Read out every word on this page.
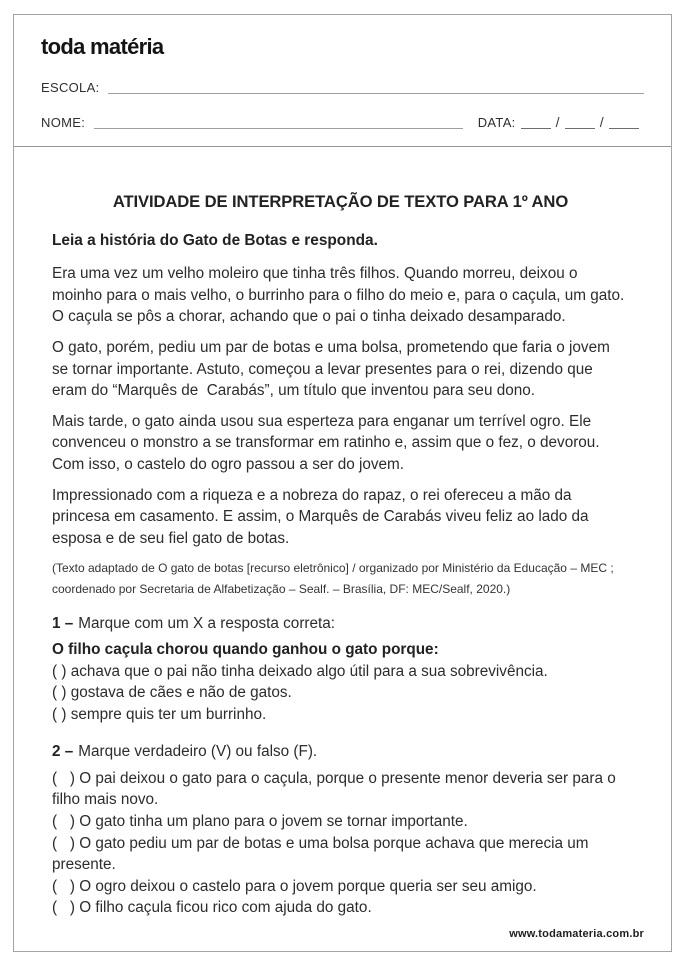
toda matéria
ESCOLA:
NOME:	DATA:	/	/
ATIVIDADE DE INTERPRETAÇÃO DE TEXTO PARA 1º ANO
Leia a história do Gato de Botas e responda.
Era uma vez um velho moleiro que tinha três filhos. Quando morreu, deixou o moinho para o mais velho, o burrinho para o filho do meio e, para o caçula, um gato. O caçula se pôs a chorar, achando que o pai o tinha deixado desamparado.
O gato, porém, pediu um par de botas e uma bolsa, prometendo que faria o jovem se tornar importante. Astuto, começou a levar presentes para o rei, dizendo que eram do “Marquês de  Carabás”, um título que inventou para seu dono.
Mais tarde, o gato ainda usou sua esperteza para enganar um terrível ogro. Ele convenceu o monstro a se transformar em ratinho e, assim que o fez, o devorou. Com isso, o castelo do ogro passou a ser do jovem.
Impressionado com a riqueza e a nobreza do rapaz, o rei ofereceu a mão da princesa em casamento. E assim, o Marquês de Carabás viveu feliz ao lado da esposa e de seu fiel gato de botas.
(Texto adaptado de O gato de botas [recurso eletrônico] / organizado por Ministério da Educação – MEC ; coordenado por Secretaria de Alfabetização – Sealf. – Brasília, DF: MEC/Sealf, 2020.)
1 – Marque com um X a resposta correta:
O filho caçula chorou quando ganhou o gato porque:
( ) achava que o pai não tinha deixado algo útil para a sua sobrevivência.
( ) gostava de cães e não de gatos.
( ) sempre quis ter um burrinho.
2 – Marque verdadeiro (V) ou falso (F).
(   ) O pai deixou o gato para o caçula, porque o presente menor deveria ser para o filho mais novo.
(   ) O gato tinha um plano para o jovem se tornar importante.
(   ) O gato pediu um par de botas e uma bolsa porque achava que merecia um presente.
(   ) O ogro deixou o castelo para o jovem porque queria ser seu amigo.
(   ) O filho caçula ficou rico com ajuda do gato.
www.todamateria.com.br
